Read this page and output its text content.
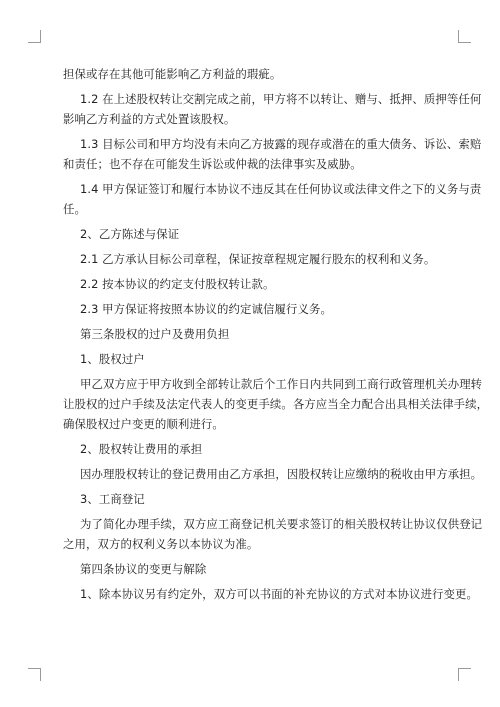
担保或存在其他可能影响乙方利益的瑕疵。
1.2 在上述股权转让交割完成之前，甲方将不以转让、赠与、抵押、质押等任何
影响乙方利益的方式处置该股权。
1.3 目标公司和甲方均没有未向乙方披露的现存或潜在的重大债务、诉讼、索赔
和责任；也不存在可能发生诉讼或仲裁的法律事实及威胁。
1.4 甲方保证签订和履行本协议不违反其在任何协议或法律文件之下的义务与责
任。
2、乙方陈述与保证
2.1 乙方承认目标公司章程，保证按章程规定履行股东的权利和义务。
2.2 按本协议的约定支付股权转让款。
2.3 甲方保证将按照本协议的约定诚信履行义务。
第三条股权的过户及费用负担
1、股权过户
甲乙双方应于甲方收到全部转让款后个工作日内共同到工商行政管理机关办理转
让股权的过户手续及法定代表人的变更手续。各方应当全力配合出具相关法律手续，
确保股权过户变更的顺利进行。
2、股权转让费用的承担
因办理股权转让的登记费用由乙方承担，因股权转让应缴纳的税收由甲方承担。
3、工商登记
为了简化办理手续，双方应工商登记机关要求签订的相关股权转让协议仅供登记
之用，双方的权利义务以本协议为准。
第四条协议的变更与解除
1、除本协议另有约定外，双方可以书面的补充协议的方式对本协议进行变更。
